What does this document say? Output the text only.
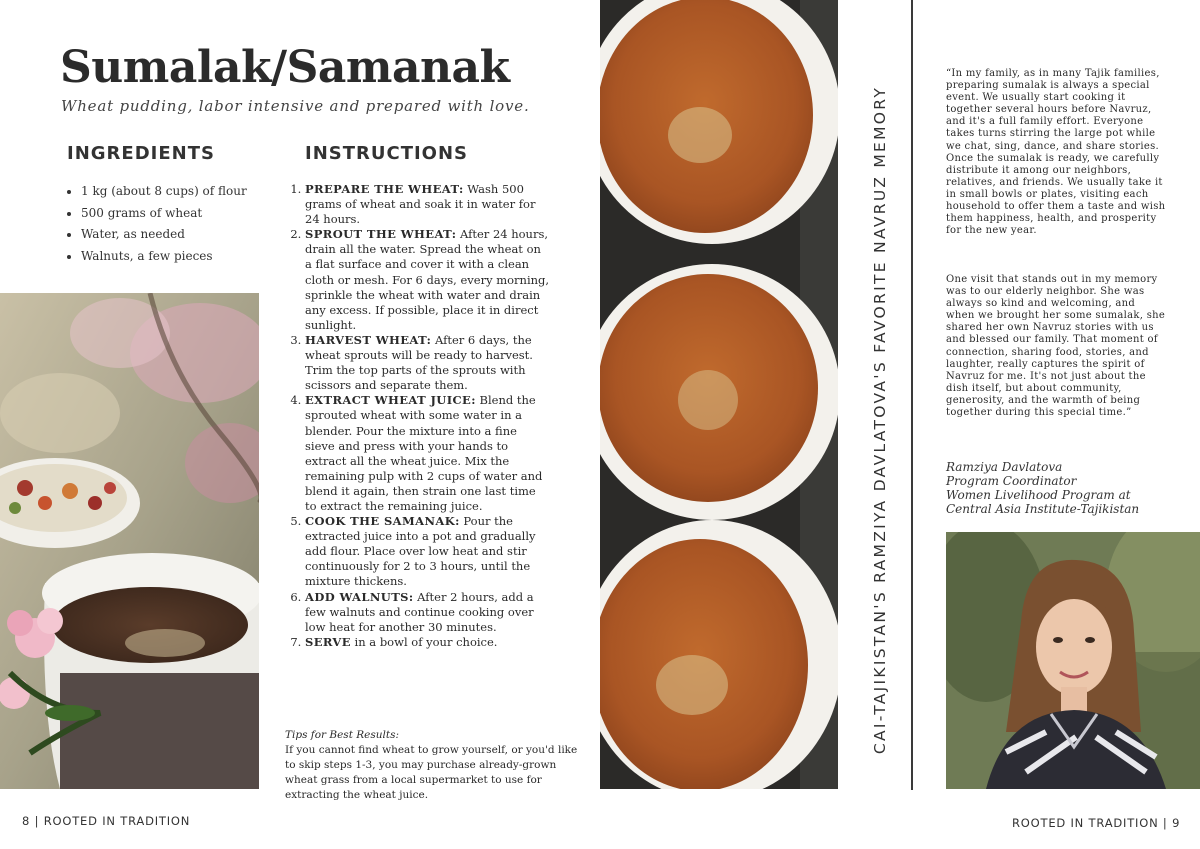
Sumalak/Samanak

Wheat pudding, labor intensive and prepared with love.

INGREDIENTS
• 1 kg (about 8 cups) of flour
• 500 grams of wheat
• Water, as needed
• Walnuts, a few pieces
INSTRUCTIONS
1. PREPARE THE WHEAT: Wash 500 grams of wheat and soak it in water for 24 hours.
2. SPROUT THE WHEAT: After 24 hours, drain all the water. Spread the wheat on a flat surface and cover it with a clean cloth or mesh. For 6 days, every morning, sprinkle the wheat with water and drain any excess. If possible, place it in direct sunlight.
3. HARVEST WHEAT: After 6 days, the wheat sprouts will be ready to harvest. Trim the top parts of the sprouts with scissors and separate them.
4. EXTRACT WHEAT JUICE: Blend the sprouted wheat with some water in a blender. Pour the mixture into a fine sieve and press with your hands to extract all the wheat juice. Mix the remaining pulp with 2 cups of water and blend it again, then strain one last time to extract the remaining juice.
5. COOK THE SAMANAK: Pour the extracted juice into a pot and gradually add flour. Place over low heat and stir continuously for 2 to 3 hours, until the mixture thickens.
6. ADD WALNUTS: After 2 hours, add a few walnuts and continue cooking over low heat for another 30 minutes.
7. SERVE in a bowl of your choice.
Tips for Best Results:
If you cannot find wheat to grow yourself, or you'd like to skip steps 1-3, you may purchase already-grown wheat grass from a local supermarket to use for extracting the wheat juice.
CAI-TAJIKISTAN'S RAMZIYA DAVLATOVA'S FAVORITE NAVRUZ MEMORY

“In my family, as in many Tajik families, preparing sumalak is always a special event. We usually start cooking it together several hours before Navruz, and it's a full family effort. Everyone takes turns stirring the large pot while we chat, sing, dance, and share stories. Once the sumalak is ready, we carefully distribute it among our neighbors, relatives, and friends. We usually take it in small bowls or plates, visiting each household to offer them a taste and wish them happiness, health, and prosperity for the new year.

One visit that stands out in my memory was to our elderly neighbor. She was always so kind and welcoming, and when we brought her some sumalak, she shared her own Navruz stories with us and blessed our family. That moment of connection, sharing food, stories, and laughter, really captures the spirit of Navruz for me. It's not just about the dish itself, but about community, generosity, and the warmth of being together during this special time.”

Ramziya Davlatova
Program Coordinator
Women Livelihood Program at
Central Asia Institute-Tajikistan
8 | ROOTED IN TRADITION	ROOTED IN TRADITION | 9
